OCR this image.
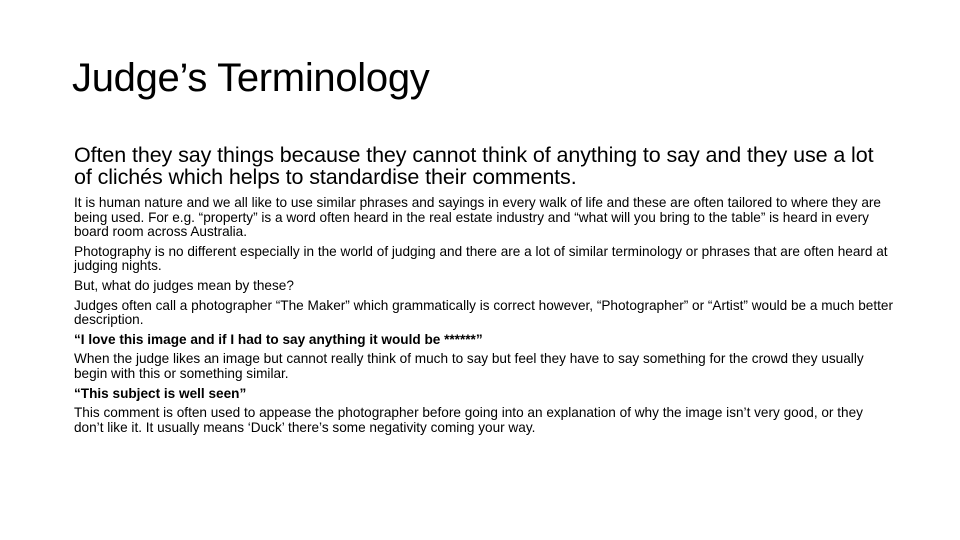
Judge’s Terminology

Often they say things because they cannot think of anything to say and they use a lot of clichés which helps to standardise their comments.

It is human nature and we all like to use similar phrases and sayings in every walk of life and these are often tailored to where they are being used. For e.g. “property” is a word often heard in the real estate industry and “what will you bring to the table” is heard in every board room across Australia.

Photography is no different especially in the world of judging and there are a lot of similar terminology or phrases that are often heard at judging nights.

But, what do judges mean by these?

Judges often call a photographer “The Maker” which grammatically is correct however, “Photographer” or “Artist” would be a much better description.

“I love this image and if I had to say anything it would be ******”

When the judge likes an image but cannot really think of much to say but feel they have to say something for the crowd they usually begin with this or something similar.

“This subject is well seen”

This comment is often used to appease the photographer before going into an explanation of why the image isn’t very good, or they don’t like it. It usually means ‘Duck’ there’s some negativity coming your way.
